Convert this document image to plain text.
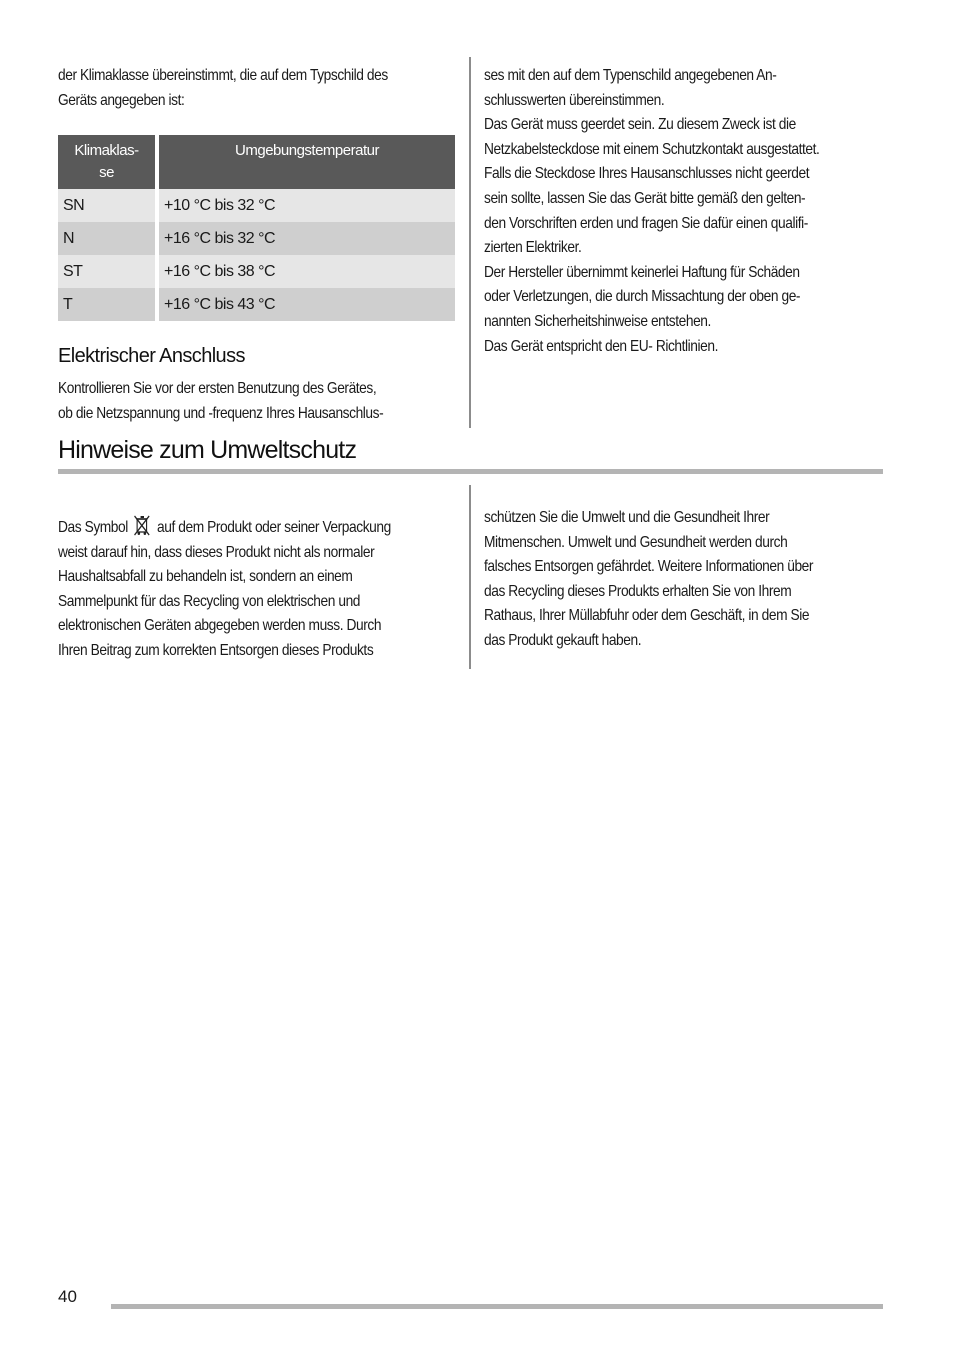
der Klimaklasse übereinstimmt, die auf dem Typschild des
Geräts angegeben ist:
Klimaklas-
se	Umgebungstemperatur
SN	+10 °C bis 32 °C
N	+16 °C bis 32 °C
ST	+16 °C bis 38 °C
T	+16 °C bis 43 °C
Elektrischer Anschluss
Kontrollieren Sie vor der ersten Benutzung des Gerätes,
ob die Netzspannung und -frequenz Ihres Hausanschlus-
ses mit den auf dem Typenschild angegebenen An-
schlusswerten übereinstimmen.
Das Gerät muss geerdet sein. Zu diesem Zweck ist die
Netzkabelsteckdose mit einem Schutzkontakt ausgestattet.
Falls die Steckdose Ihres Hausanschlusses nicht geerdet
sein sollte, lassen Sie das Gerät bitte gemäß den gelten-
den Vorschriften erden und fragen Sie dafür einen qualifi-
zierten Elektriker.
Der Hersteller übernimmt keinerlei Haftung für Schäden
oder Verletzungen, die durch Missachtung der oben ge-
nannten Sicherheitshinweise entstehen.
Das Gerät entspricht den EU- Richtlinien.
Hinweise zum Umweltschutz
Das Symbol auf dem Produkt oder seiner Verpackung
weist darauf hin, dass dieses Produkt nicht als normaler
Haushaltsabfall zu behandeln ist, sondern an einem
Sammelpunkt für das Recycling von elektrischen und
elektronischen Geräten abgegeben werden muss. Durch
Ihren Beitrag zum korrekten Entsorgen dieses Produkts
schützen Sie die Umwelt und die Gesundheit Ihrer
Mitmenschen. Umwelt und Gesundheit werden durch
falsches Entsorgen gefährdet. Weitere Informationen über
das Recycling dieses Produkts erhalten Sie von Ihrem
Rathaus, Ihrer Müllabfuhr oder dem Geschäft, in dem Sie
das Produkt gekauft haben.
40
